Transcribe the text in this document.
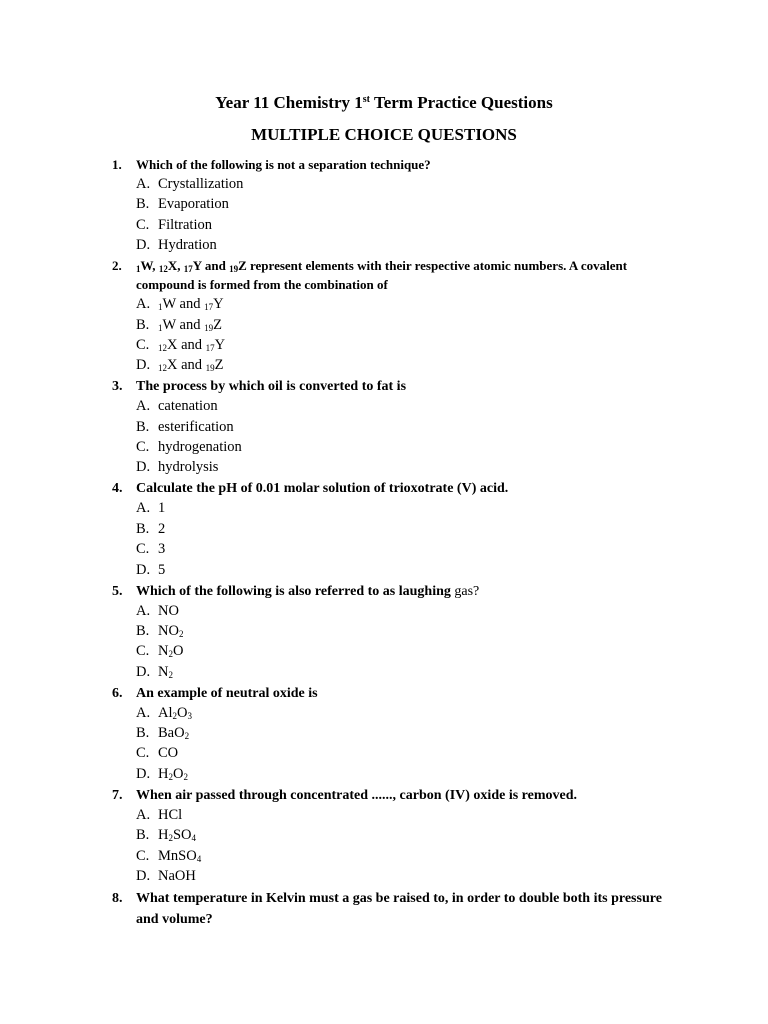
Year 11 Chemistry 1st Term Practice Questions
MULTIPLE CHOICE QUESTIONS
1. Which of the following is not a separation technique?
A. Crystallization
B. Evaporation
C. Filtration
D. Hydration
2. $_1$W, $_{12}$X, $_{17}$Y and $_{19}$Z represent elements with their respective atomic numbers. A covalent compound is formed from the combination of
A. $_1$W and $_{17}$Y
B. $_1$W and $_{19}$Z
C. $_{12}$X and $_{17}$Y
D. $_{12}$X and $_{19}$Z
3. The process by which oil is converted to fat is
A. catenation
B. esterification
C. hydrogenation
D. hydrolysis
4. Calculate the pH of 0.01 molar solution of trioxotrate (V) acid.
A. 1
B. 2
C. 3
D. 5
5. Which of the following is also referred to as laughing gas?
A. NO
B. $NO_2$
C. $N_2O$
D. $N_2$
6. An example of neutral oxide is
A. $Al_2O_3$
B. BaO$_2$
C. CO
D. $H_2O_2$
7. When air passed through concentrated ......, carbon (IV) oxide is removed.
A. HCl
B. $H_2SO_4$
C. MnSO$_4$
D. NaOH
8. What temperature in Kelvin must a gas be raised to, in order to double both its pressure and volume?
